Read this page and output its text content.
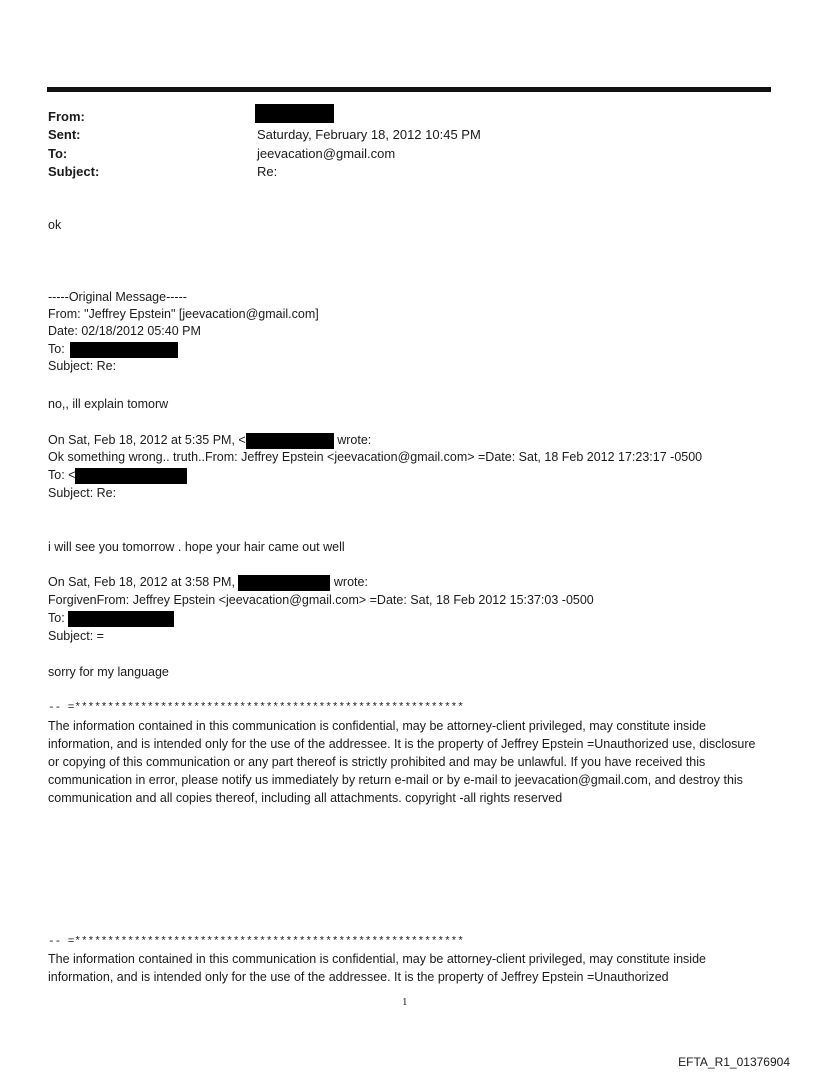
From:
Sent:	Saturday, February 18, 2012 10:45 PM
To:	jeevacation@gmail.com
Subject:	Re:
ok
-----Original Message-----
From: "Jeffrey Epstein" [jeevacation@gmail.com]
Date: 02/18/2012 05:40 PM
To:
Subject: Re:
no,, ill explain tomorw
On Sat, Feb 18, 2012 at 5:35 PM, <	wrote:
Ok something wrong.. truth..From: Jeffrey Epstein <jeevacation@gmail.com> =Date: Sat, 18 Feb 2012 17:23:17 -0500
To: <
Subject: Re:
i will see you tomorrow . hope your hair came out well
On Sat, Feb 18, 2012 at 3:58 PM,	wrote:
ForgivenFrom: Jeffrey Epstein <jeevacation@gmail.com> =Date: Sat, 18 Feb 2012 15:37:03 -0500
To:
Subject: =
sorry for my language
-- =***********************************************************
The information contained in this communication is confidential, may be attorney-client privileged, may constitute inside information, and is intended only for the use of the addressee. It is the property of Jeffrey Epstein =Unauthorized use, disclosure or copying of this communication or any part thereof is strictly prohibited and may be unlawful. If you have received this communication in error, please notify us immediately by return e-mail or by e-mail to jeevacation@gmail.com, and destroy this communication and all copies thereof, including all attachments. copyright -all rights reserved
-- =***********************************************************
The information contained in this communication is confidential, may be attorney-client privileged, may constitute inside information, and is intended only for the use of the addressee. It is the property of Jeffrey Epstein =Unauthorized
1
EFTA_R1_01376904
